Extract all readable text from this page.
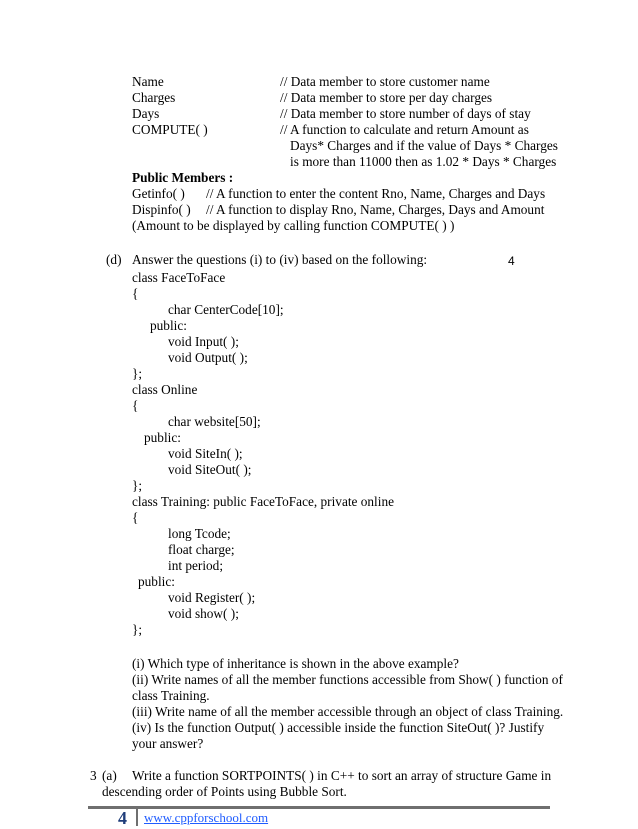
Name	// Data member to store customer name
Charges	// Data member to store per day charges
Days	// Data member to store number of days of stay
COMPUTE( )	// A function to calculate and return Amount as
Days* Charges and if the value of Days * Charges
is more than 11000 then as 1.02 * Days * Charges
Public Members :
Getinfo( ) // A function to enter the content Rno, Name, Charges and Days
Dispinfo( ) // A function to display Rno, Name, Charges, Days and Amount
(Amount to be displayed by calling function COMPUTE( ) )
(d) Answer the questions (i) to (iv) based on the following:	4
class FaceToFace
{
char CenterCode[10];
public:
void Input( );
void Output( );
};
class Online
{
char website[50];
public:
void SiteIn( );
void SiteOut( );
};
class Training: public FaceToFace, private online
{
long Tcode;
float charge;
int period;
public:
void Register( );
void show( );
};
(i) Which type of inheritance is shown in the above example?
(ii) Write names of all the member functions accessible from Show( ) function of
class Training.
(iii) Write name of all the member accessible through an object of class Training.
(iv) Is the function Output( ) accessible inside the function SiteOut( )? Justify
your answer?
3 (a) Write a function SORTPOINTS( ) in C++ to sort an array of structure Game in
descending order of Points using Bubble Sort.
4 www.cppforschool.com
